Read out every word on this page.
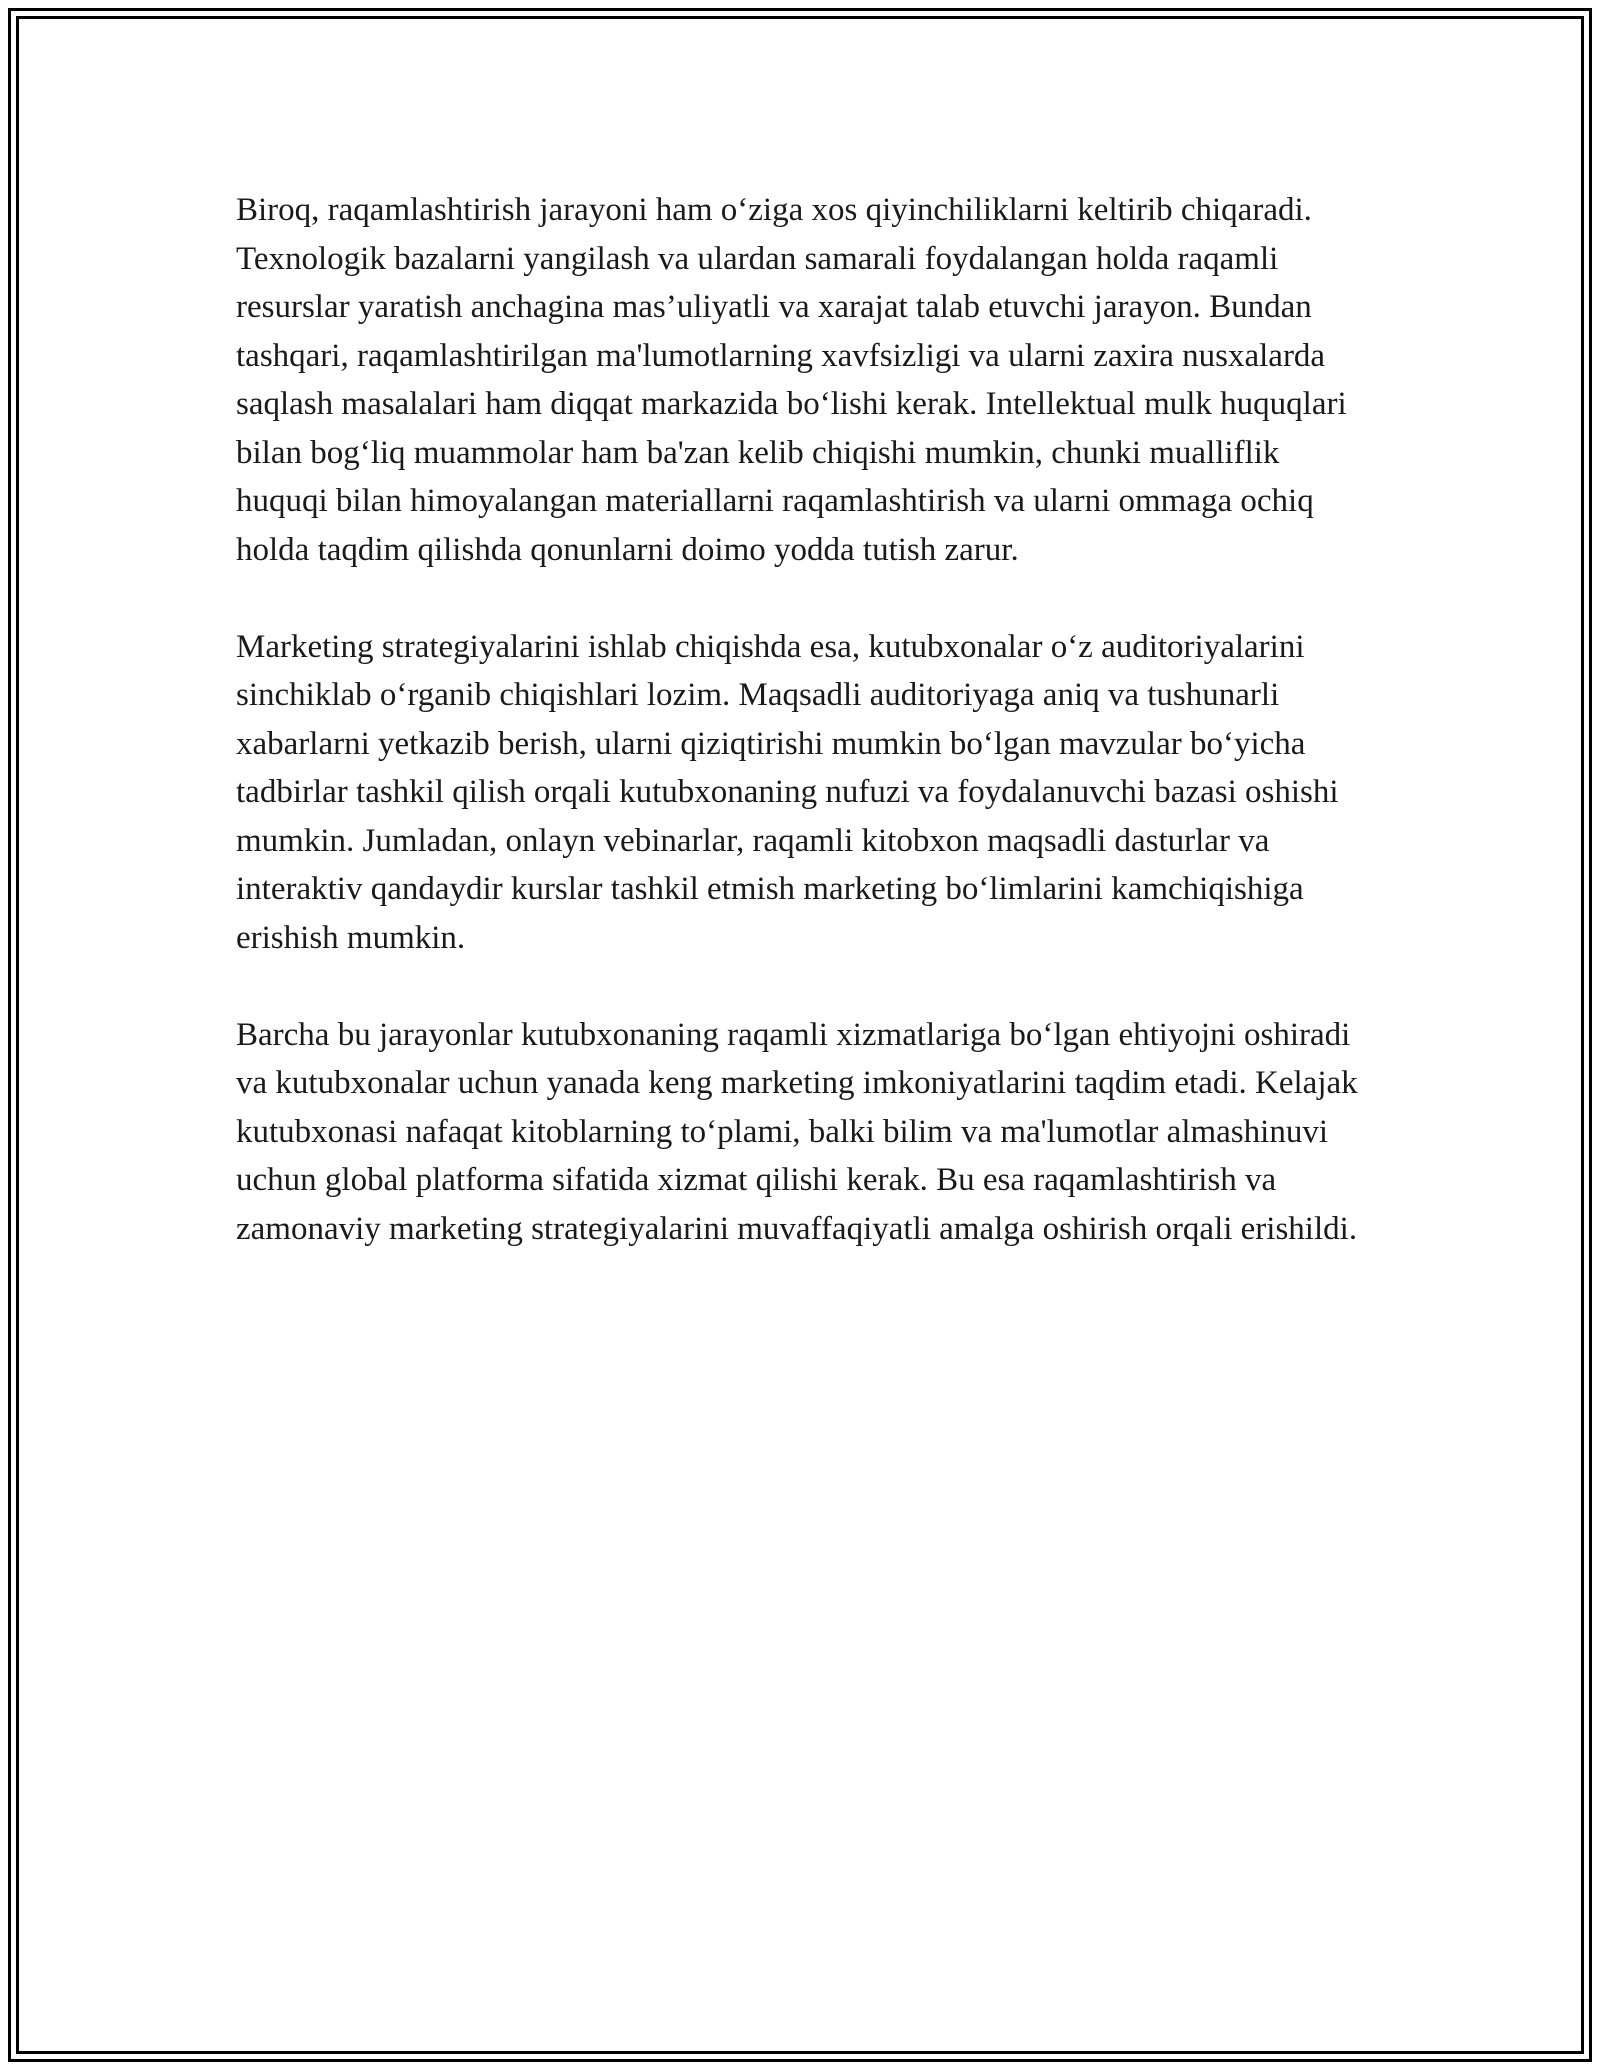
Biroq, raqamlashtirish jarayoni ham o‘ziga xos qiyinchiliklarni keltirib chiqaradi. Texnologik bazalarni yangilash va ulardan samarali foydalangan holda raqamli resurslar yaratish anchagina mas’uliyatli va xarajat talab etuvchi jarayon. Bundan tashqari, raqamlashtirilgan ma'lumotlarning xavfsizligi va ularni zaxira nusxalarda saqlash masalalari ham diqqat markazida bo‘lishi kerak. Intellektual mulk huquqlari bilan bog‘liq muammolar ham ba'zan kelib chiqishi mumkin, chunki mualliflik huquqi bilan himoyalangan materiallarni raqamlashtirish va ularni ommaga ochiq holda taqdim qilishda qonunlarni doimo yodda tutish zarur.

Marketing strategiyalarini ishlab chiqishda esa, kutubxonalar o‘z auditoriyalarini sinchiklab o‘rganib chiqishlari lozim. Maqsadli auditoriyaga aniq va tushunarli xabarlarni yetkazib berish, ularni qiziqtirishi mumkin bo‘lgan mavzular bo‘yicha tadbirlar tashkil qilish orqali kutubxonaning nufuzi va foydalanuvchi bazasi oshishi mumkin. Jumladan, onlayn vebinarlar, raqamli kitobxon maqsadli dasturlar va interaktiv qandaydir kurslar tashkil etmish marketing bo‘limlarini kamchiqishiga erishish mumkin.

Barcha bu jarayonlar kutubxonaning raqamli xizmatlariga bo‘lgan ehtiyojni oshiradi va kutubxonalar uchun yanada keng marketing imkoniyatlarini taqdim etadi. Kelajak kutubxonasi nafaqat kitoblarning to‘plami, balki bilim va ma'lumotlar almashinuvi uchun global platforma sifatida xizmat qilishi kerak. Bu esa raqamlashtirish va zamonaviy marketing strategiyalarini muvaffaqiyatli amalga oshirish orqali erishildi.
